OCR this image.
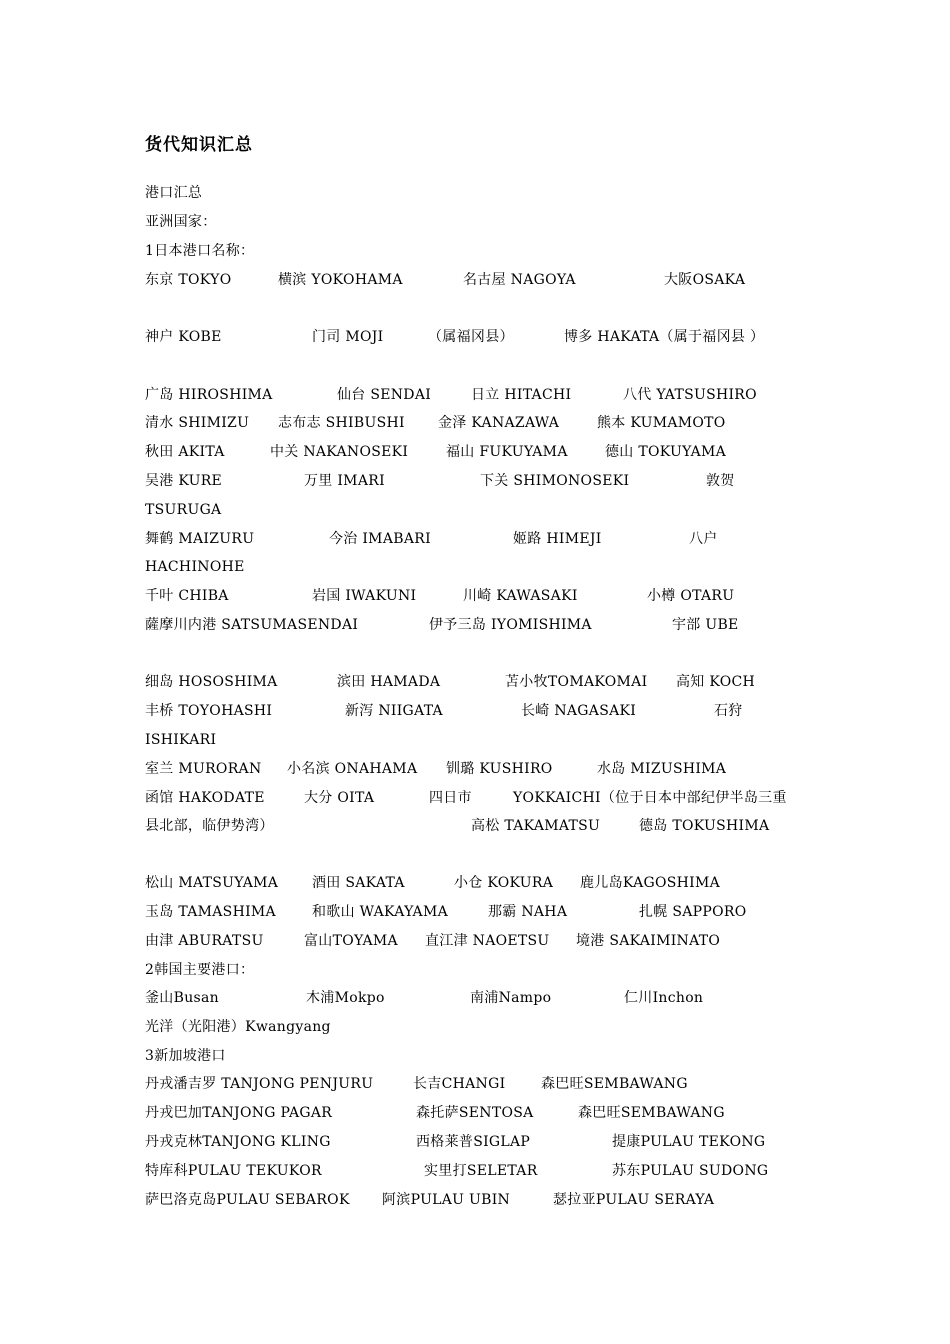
货代知识汇总
港口汇总
亚洲国家：
1日本港口名称：
2韩国主要港口：
3新加坡港口
东京 TOKYO	横滨 YOKOHAMA	名古屋 NAGOYA	大阪OSAKA
神户 KOBE	门司 MOJI	（属福冈县）	博多 HAKATA（属于福冈县 ）
广岛 HIROSHIMA	仙台 SENDAI	日立 HITACHI	八代 YATSUSHIRO
清水 SHIMIZU 志布志 SHIBUSHI 金泽 KANAZAWA	熊本 KUMAMOTO
秋田 AKITA	中关 NAKANOSEKI	福山 FUKUYAMA	德山 TOKUYAMA
吴港 KURE	万里 IMARI	下关 SHIMONOSEKI	敦贺
TSURUGA
舞鹤 MAIZURU	今治 IMABARI	姬路 HIMEJI	八户
HACHINOHE
千叶 CHIBA	岩国 IWAKUNI	川崎 KAWASAKI	小樽 OTARU
薩摩川内港 SATSUMASENDAI	伊予三岛 IYOMISHIMA	宇部 UBE
细岛 HOSOSHIMA	滨田 HAMADA	苫小牧TOMAKOMAI 高知 KOCH
丰桥 TOYOHASHI	新泻 NIIGATA	长崎 NAGASAKI	石狩
ISHIKARI
室兰 MURORAN 小名滨 ONAHAMA 钏璐 KUSHIRO	水岛 MIZUSHIMA
函馆 HAKODATE	大分 OITA	四日市	YOKKAICHI（位于日本中部纪伊半岛三重
县北部，临伊势湾）	高松 TAKAMATSU	德岛 TOKUSHIMA
松山 MATSUYAMA 酒田 SAKATA	小仓 KOKURA 鹿儿岛KAGOSHIMA
玉岛 TAMASHIMA	和歌山 WAKAYAMA	那霸 NAHA	扎幌 SAPPORO
由津 ABURATSU	富山TOYAMA 直江津 NAOETSU 境港 SAKAIMINATO
釜山Busan	木浦Mokpo	南浦Nampo	仁川Inchon
光洋（光阳港）Kwangyang
丹戎潘吉罗 TANJONG PENJURU	长吉CHANGI	森巴旺SEMBAWANG
丹戎巴加TANJONG PAGAR	森托萨SENTOSA	森巴旺SEMBAWANG
丹戎克林TANJONG KLING	西格莱普SIGLAP	提康PULAU TEKONG
特库科PULAU TEKUKOR	实里打SELETAR	苏东PULAU SUDONG
萨巴洛克岛PULAU SEBAROK 阿滨PULAU UBIN	瑟拉亚PULAU SERAYA
